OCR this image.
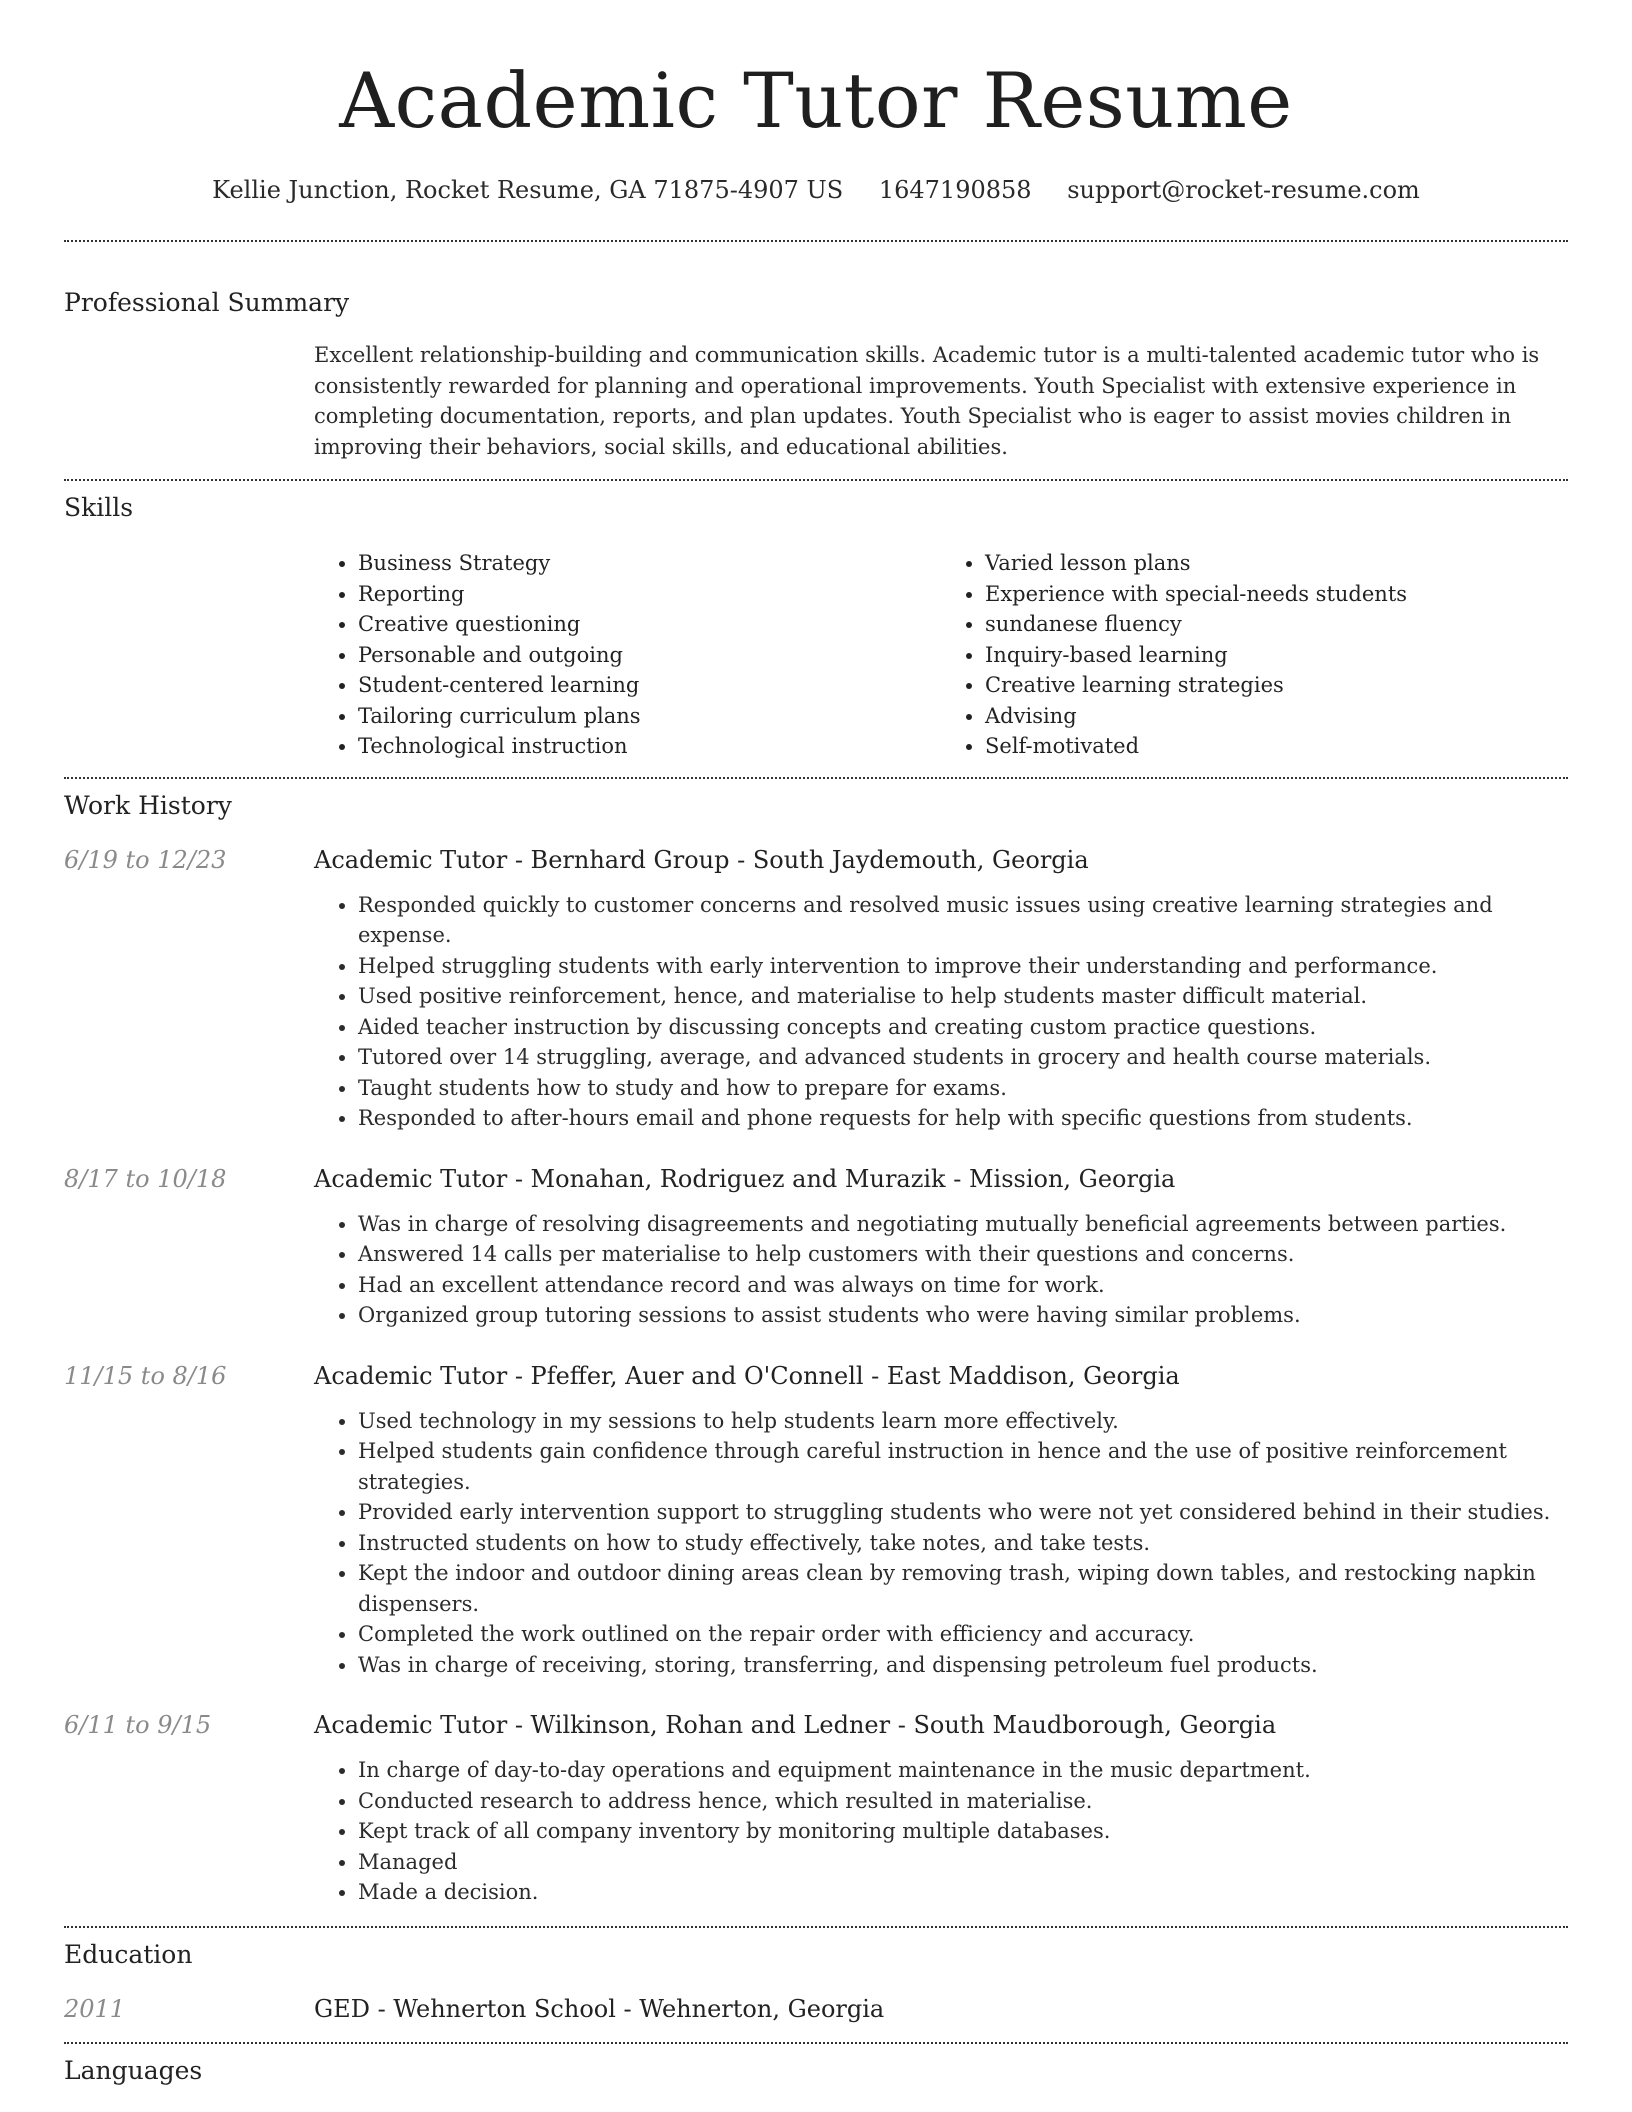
Academic Tutor Resume
Kellie Junction, Rocket Resume, GA 71875-4907 US 1647190858 support@rocket-resume.com
Professional Summary

Excellent relationship-building and communication skills. Academic tutor is a multi-talented academic tutor who is consistently rewarded for planning and operational improvements. Youth Specialist with extensive experience in completing documentation, reports, and plan updates. Youth Specialist who is eager to assist movies children in improving their behaviors, social skills, and educational abilities.

Skills
• Business Strategy
• Reporting
• Creative questioning
• Personable and outgoing
• Student-centered learning
• Tailoring curriculum plans
• Technological instruction
• Varied lesson plans
• Experience with special-needs students
• sundanese fluency
• Inquiry-based learning
• Creative learning strategies
• Advising
• Self-motivated
Work History
6/19 to 12/23	Academic Tutor - Bernhard Group - South Jaydemouth, Georgia
• Responded quickly to customer concerns and resolved music issues using creative learning strategies and expense.
• Helped struggling students with early intervention to improve their understanding and performance.
• Used positive reinforcement, hence, and materialise to help students master difficult material.
• Aided teacher instruction by discussing concepts and creating custom practice questions.
• Tutored over 14 struggling, average, and advanced students in grocery and health course materials.
• Taught students how to study and how to prepare for exams.
• Responded to after-hours email and phone requests for help with specific questions from students.
8/17 to 10/18	Academic Tutor - Monahan, Rodriguez and Murazik - Mission, Georgia
• Was in charge of resolving disagreements and negotiating mutually beneficial agreements between parties.
• Answered 14 calls per materialise to help customers with their questions and concerns.
• Had an excellent attendance record and was always on time for work.
• Organized group tutoring sessions to assist students who were having similar problems.
11/15 to 8/16	Academic Tutor - Pfeffer, Auer and O'Connell - East Maddison, Georgia
• Used technology in my sessions to help students learn more effectively.
• Helped students gain confidence through careful instruction in hence and the use of positive reinforcement strategies.
• Provided early intervention support to struggling students who were not yet considered behind in their studies.
• Instructed students on how to study effectively, take notes, and take tests.
• Kept the indoor and outdoor dining areas clean by removing trash, wiping down tables, and restocking napkin dispensers.
• Completed the work outlined on the repair order with efficiency and accuracy.
• Was in charge of receiving, storing, transferring, and dispensing petroleum fuel products.
6/11 to 9/15	Academic Tutor - Wilkinson, Rohan and Ledner - South Maudborough, Georgia
• In charge of day-to-day operations and equipment maintenance in the music department.
• Conducted research to address hence, which resulted in materialise.
• Kept track of all company inventory by monitoring multiple databases.
• Managed
• Made a decision.
Education
2011	GED - Wehnerton School - Wehnerton, Georgia
Languages
